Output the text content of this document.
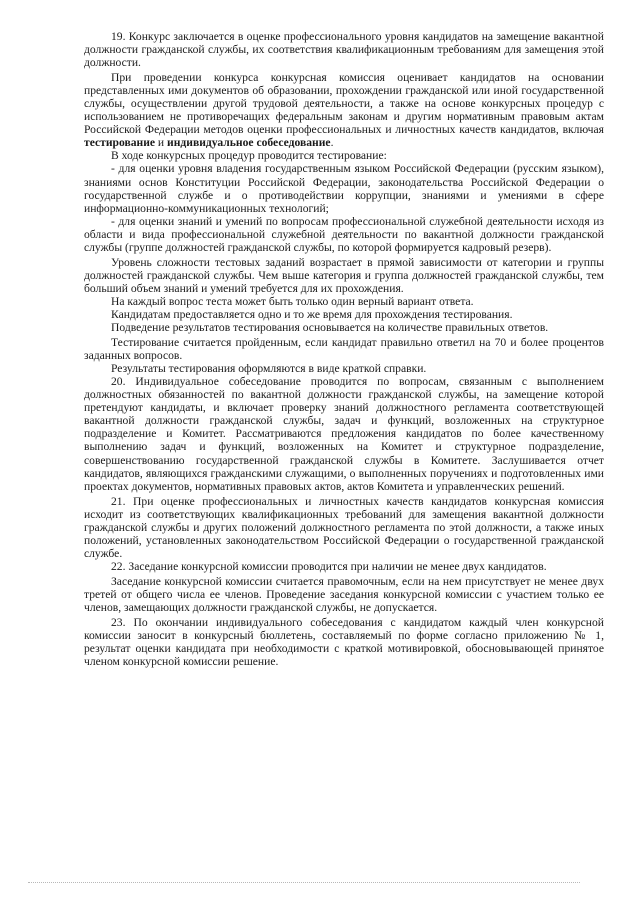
19. Конкурс заключается в оценке профессионального уровня кандидатов на замещение вакантной должности гражданской службы, их соответствия квалификационным требованиям для замещения этой должности.

При проведении конкурса конкурсная комиссия оценивает кандидатов на основании представленных ими документов об образовании, прохождении гражданской или иной государственной службы, осуществлении другой трудовой деятельности, а также на основе конкурсных процедур с использованием не противоречащих федеральным законам и другим нормативным правовым актам Российской Федерации методов оценки профессиональных и личностных качеств кандидатов, включая тестирование и индивидуальное собеседование.

В ходе конкурсных процедур проводится тестирование:

- для оценки уровня владения государственным языком Российской Федерации (русским языком), знаниями основ Конституции Российской Федерации, законодательства Российской Федерации о государственной службе и о противодействии коррупции, знаниями и умениями в сфере информационно-коммуникационных технологий;

- для оценки знаний и умений по вопросам профессиональной служебной деятельности исходя из области и вида профессиональной служебной деятельности по вакантной должности гражданской службы (группе должностей гражданской службы, по которой формируется кадровый резерв).

Уровень сложности тестовых заданий возрастает в прямой зависимости от категории и группы должностей гражданской службы. Чем выше категория и группа должностей гражданской службы, тем больший объем знаний и умений требуется для их прохождения.

На каждый вопрос теста может быть только один верный вариант ответа.

Кандидатам предоставляется одно и то же время для прохождения тестирования.

Подведение результатов тестирования основывается на количестве правильных ответов.

Тестирование считается пройденным, если кандидат правильно ответил на 70 и более процентов заданных вопросов.

Результаты тестирования оформляются в виде краткой справки.

20. Индивидуальное собеседование проводится по вопросам, связанным с выполнением должностных обязанностей по вакантной должности гражданской службы, на замещение которой претендуют кандидаты, и включает проверку знаний должностного регламента соответствующей вакантной должности гражданской службы, задач и функций, возложенных на структурное подразделение и Комитет. Рассматриваются предложения кандидатов по более качественному выполнению задач и функций, возложенных на Комитет и структурное подразделение, совершенствованию государственной гражданской службы в Комитете. Заслушивается отчет кандидатов, являющихся гражданскими служащими, о выполненных поручениях и подготовленных ими проектах документов, нормативных правовых актов, актов Комитета и управленческих решений.

21. При оценке профессиональных и личностных качеств кандидатов конкурсная комиссия исходит из соответствующих квалификационных требований для замещения вакантной должности гражданской службы и других положений должностного регламента по этой должности, а также иных положений, установленных законодательством Российской Федерации о государственной гражданской службе.

22. Заседание конкурсной комиссии проводится при наличии не менее двух кандидатов.

Заседание конкурсной комиссии считается правомочным, если на нем присутствует не менее двух третей от общего числа ее членов. Проведение заседания конкурсной комиссии с участием только ее членов, замещающих должности гражданской службы, не допускается.

23. По окончании индивидуального собеседования с кандидатом каждый член конкурсной комиссии заносит в конкурсный бюллетень, составляемый по форме согласно приложению № 1, результат оценки кандидата при необходимости с краткой мотивировкой, обосновывающей принятое членом конкурсной комиссии решение.
